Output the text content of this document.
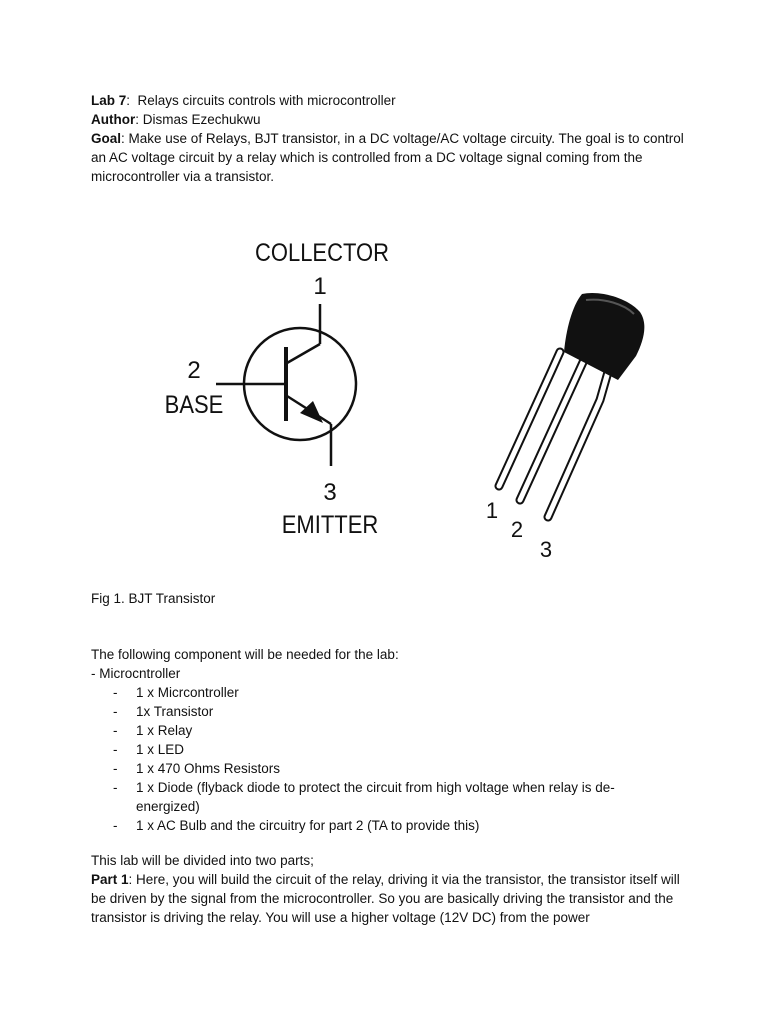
Lab 7:  Relays circuits controls with microcontroller
Author: Dismas Ezechukwu
Goal: Make use of Relays, BJT transistor, in a DC voltage/AC voltage circuity. The goal is to control an AC voltage circuit by a relay which is controlled from a DC voltage signal coming from the microcontroller via a transistor.
COLLECTOR
1
2
BASE
3
EMITTER
1
2
3
Fig 1. BJT Transistor
The following component will be needed for the lab:
- Microcntroller
- 1 x Micrcontroller
- 1x Transistor
- 1 x Relay
- 1 x LED
- 1 x 470 Ohms Resistors
- 1 x Diode (flyback diode to protect the circuit from high voltage when relay is de-energized)
- 1 x AC Bulb and the circuitry for part 2 (TA to provide this)
This lab will be divided into two parts;
Part 1: Here, you will build the circuit of the relay, driving it via the transistor, the transistor itself will be driven by the signal from the microcontroller. So you are basically driving the transistor and the transistor is driving the relay. You will use a higher voltage (12V DC) from the power
